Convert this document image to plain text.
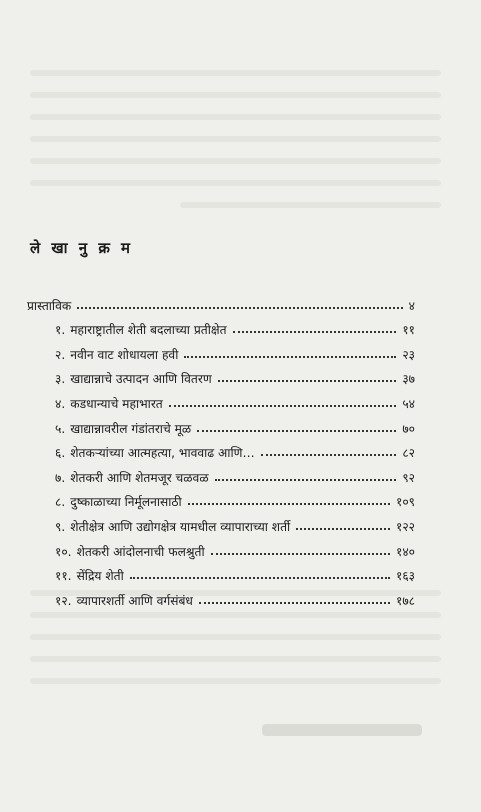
ले खा नु क्र म
प्रास्ताविक	४
१. महाराष्ट्रातील शेती बदलाच्या प्रतीक्षेत	११
२. नवीन वाट शोधायला हवी	२३
३. खाद्यान्नाचे उत्पादन आणि वितरण	३७
४. कडधान्याचे महाभारत	५४
५. खाद्यान्नावरील गंडांतराचे मूळ	७०
६. शेतकऱ्यांच्या आत्महत्या, भाववाढ आणि…	८२
७. शेतकरी आणि शेतमजूर चळवळ	९२
८. दुष्काळाच्या निर्मूलनासाठी	१०९
९. शेतीक्षेत्र आणि उद्योगक्षेत्र यामधील व्यापाराच्या शर्ती	१२२
१०. शेतकरी आंदोलनाची फलश्रुती	१४०
११. सेंद्रिय शेती	१६३
१२. व्यापारशर्ती आणि वर्गसंबंध	१७८
